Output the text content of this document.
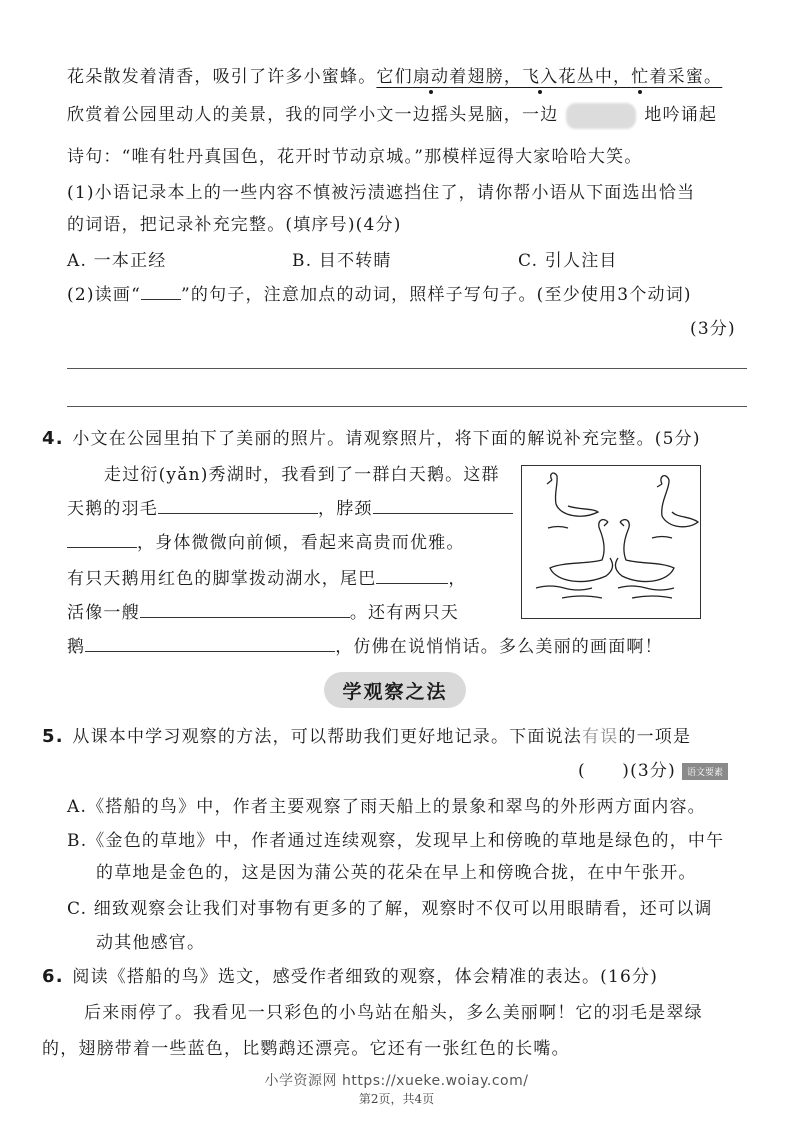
花朵散发着清香，吸引了许多小蜜蜂。它们扇动着翅膀，飞入花丛中，忙着采蜜。
欣赏着公园里动人的美景，我的同学小文一边摇头晃脑，一边	地吟诵起
诗句：“唯有牡丹真国色，花开时节动京城。”那模样逗得大家哈哈大笑。
(1)小语记录本上的一些内容不慎被污渍遮挡住了，请你帮小语从下面选出恰当
的词语，把记录补充完整。(填序号)(4分)
A. 一本正经	B. 目不转睛	C. 引人注目
(2)读画“ ”的句子，注意加点的动词，照样子写句子。(至少使用3个动词)
(3分)
4. 小文在公园里拍下了美丽的照片。请观察照片，将下面的解说补充完整。(5分)
走过衍(yǎn)秀湖时，我看到了一群白天鹅。这群
天鹅的羽毛	，脖颈
，身体微微向前倾，看起来高贵而优雅。
有只天鹅用红色的脚掌拨动湖水，尾巴	，
活像一艘	。还有两只天
鹅	，仿佛在说悄悄话。多么美丽的画面啊！
学观察之法
5. 从课本中学习观察的方法，可以帮助我们更好地记录。下面说法有误的一项是
(　　)(3分) 语文要素
A.《搭船的鸟》中，作者主要观察了雨天船上的景象和翠鸟的外形两方面内容。
B.《金色的草地》中，作者通过连续观察，发现早上和傍晚的草地是绿色的，中午
的草地是金色的，这是因为蒲公英的花朵在早上和傍晚合拢，在中午张开。
C. 细致观察会让我们对事物有更多的了解，观察时不仅可以用眼睛看，还可以调
动其他感官。
6. 阅读《搭船的鸟》选文，感受作者细致的观察，体会精准的表达。(16分)
后来雨停了。我看见一只彩色的小鸟站在船头，多么美丽啊！它的羽毛是翠绿
的，翅膀带着一些蓝色，比鹦鹉还漂亮。它还有一张红色的长嘴。
小学资源网 https://xueke.woiay.com/
第2页，共4页
